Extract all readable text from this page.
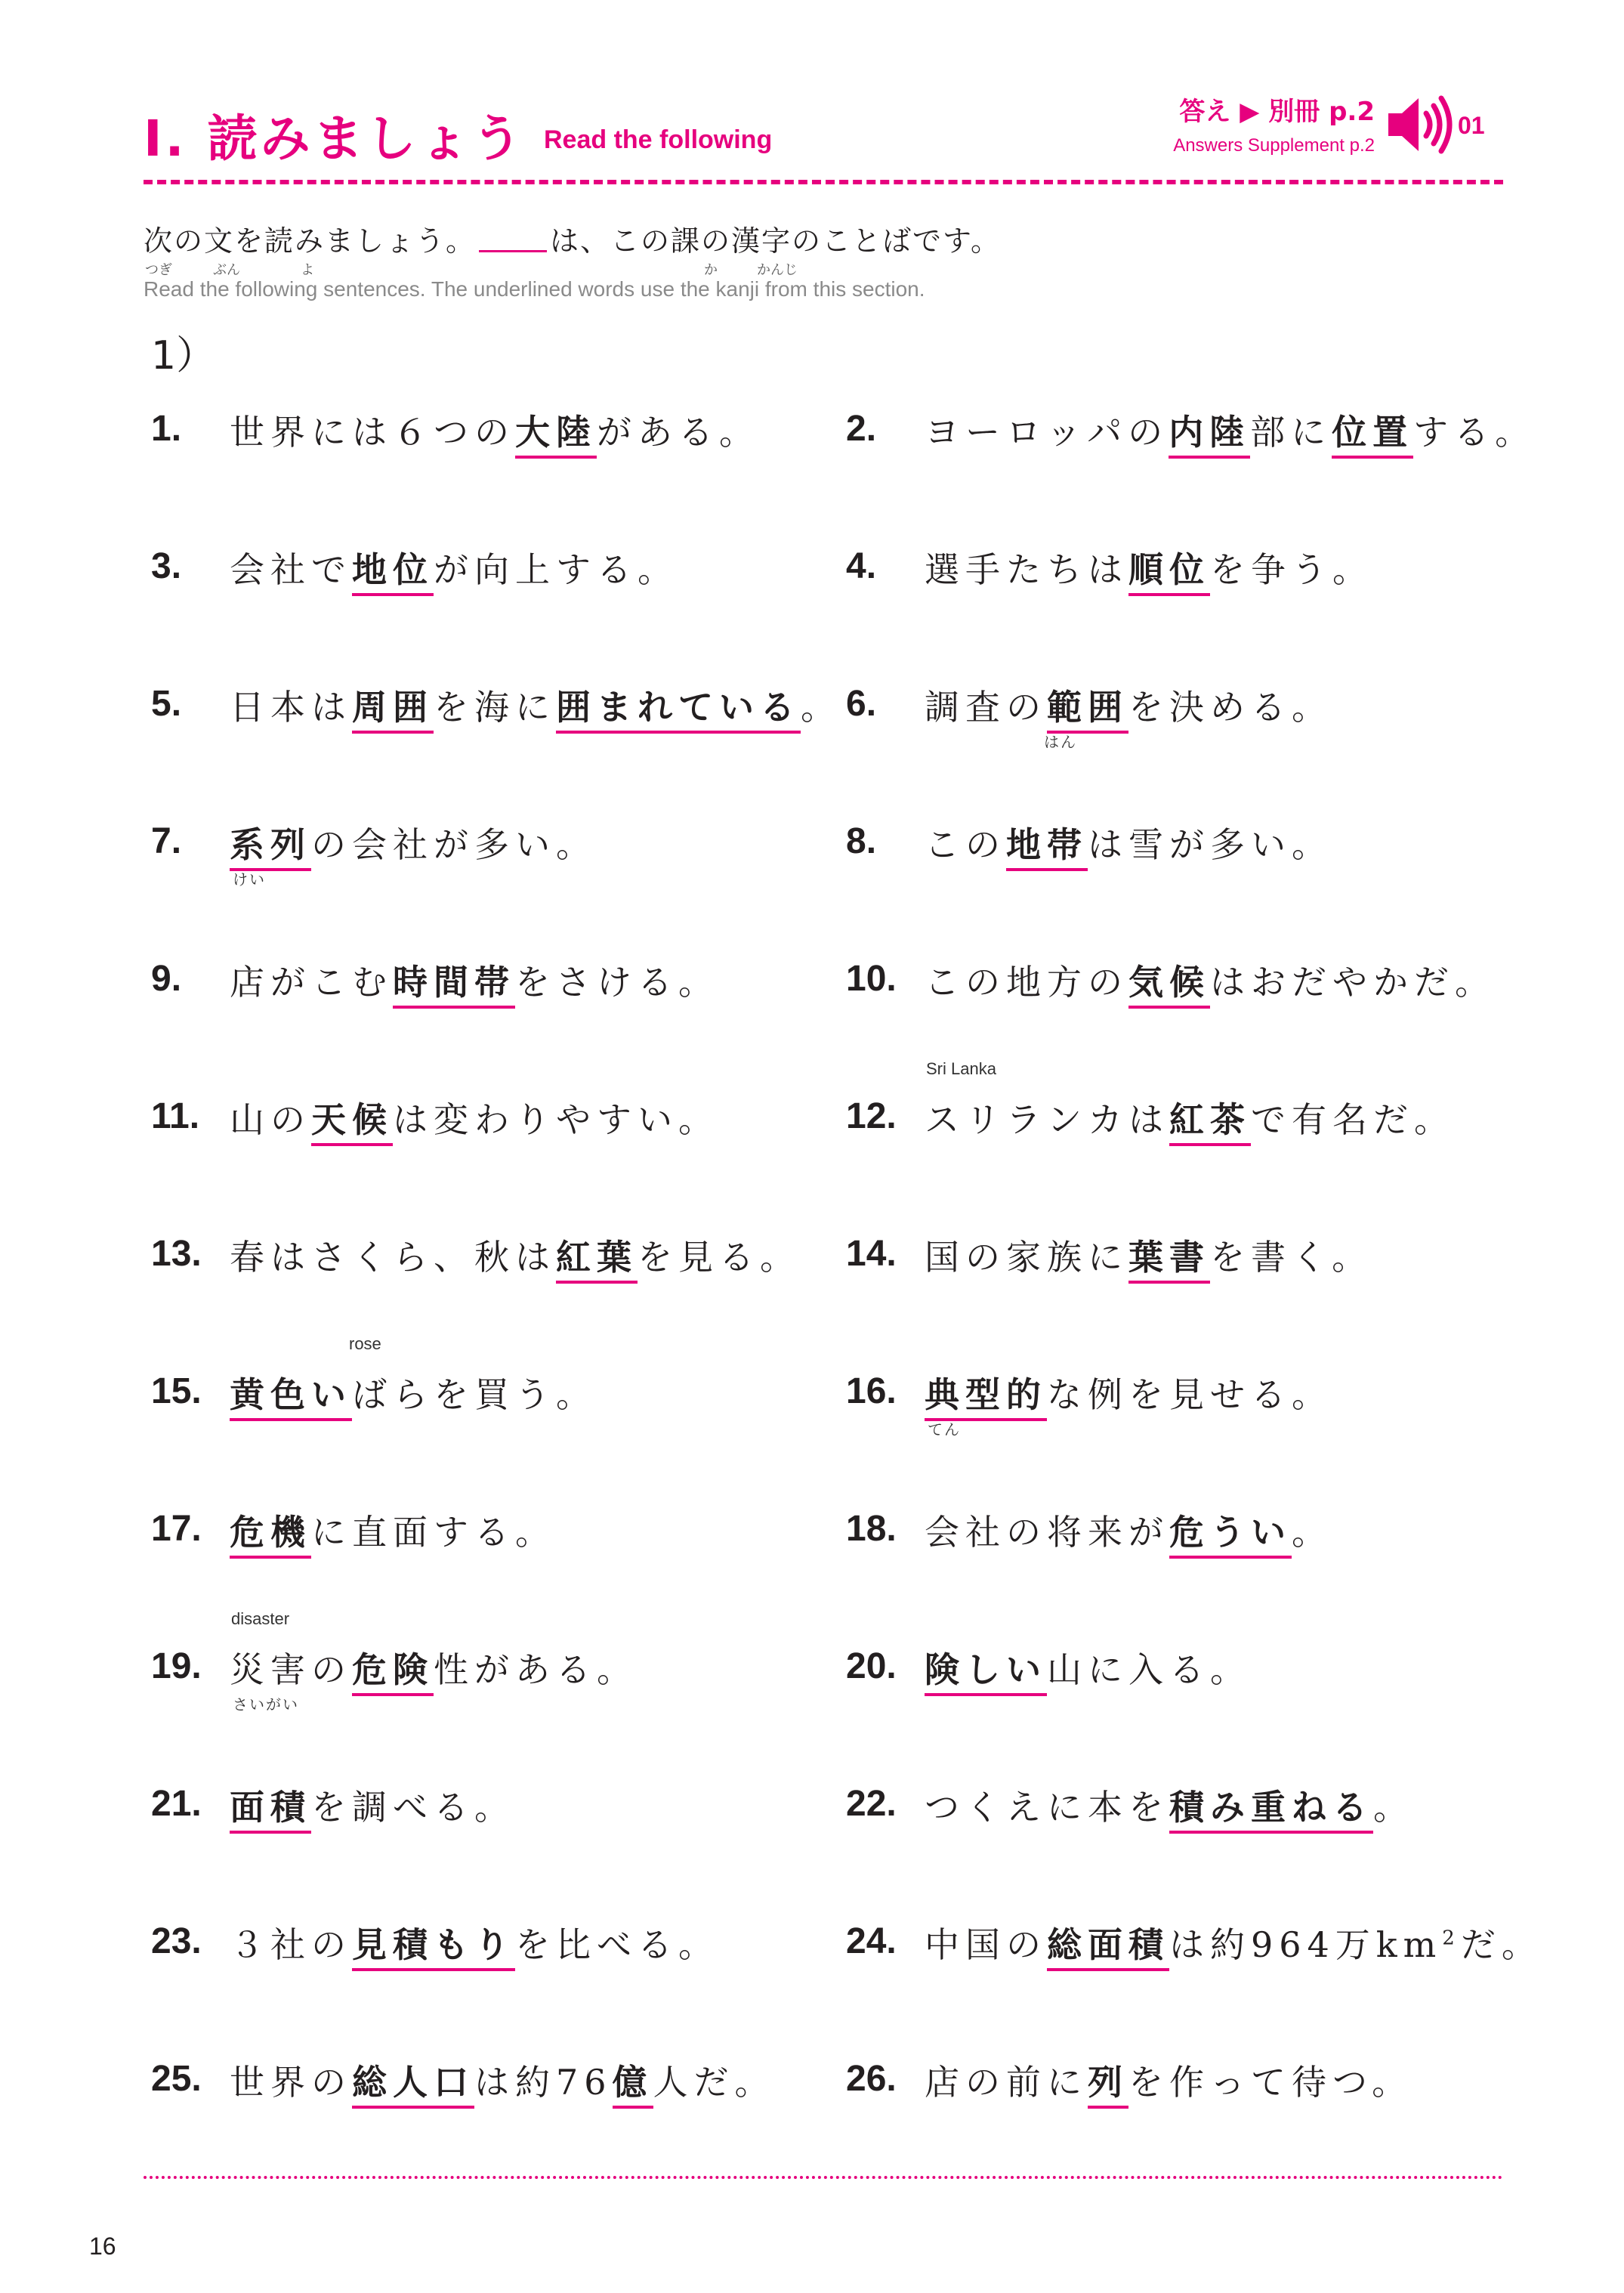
Ⅰ. 読みましょう Read the following
答え ▶ 別冊 p.2
Answers Supplement p.2
01
次の文を読みましょう。	は、この課の漢字のことばです。
つぎ	ぶん	よ	か	かんじ
Read the following sentences. The underlined words use the kanji from this section.
1）
1. 世界には６つの大陸がある。 2. ヨーロッパの内陸部に位置する。
3. 会社で地位が向上する。	4. 選手たちは順位を争う。
5. 日本は周囲を海に囲まれている。 6. 調査の範囲を決める。
はん
7. 系列の会社が多い。
けい
8. この地帯は雪が多い。
9. 店がこむ時間帯をさける。	10. この地方の気候はおだやかだ。
11. 山の天候は変わりやすい。	12. スリランカは紅茶で有名だ。
Sri Lanka
13. 春はさくら、秋は紅葉を見る。 14. 国の家族に葉書を書く。
15. 黄色いばらを買う。
rose
16. 典型的な例を見せる。
てん
17. 危機に直面する。	18. 会社の将来が危うい。
19. 災害の危険性がある。
disaster
さいがい
20. 険しい山に入る。
21. 面積を調べる。	22. つくえに本を積み重ねる。
23. ３社の見積もりを比べる。	24. 中国の総面積は約964万$km^2$だ。
25. 世界の総人口は約76億人だ。 26. 店の前に列を作って待つ。
16
